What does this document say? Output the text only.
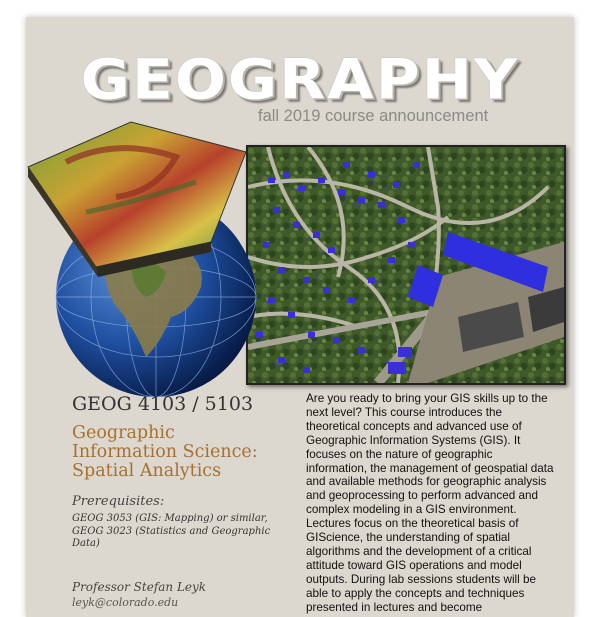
GEOGRAPHY
fall 2019 course announcement
GEOG 4103 / 5103
Geographic
Information Science:
Spatial Analytics
Prerequisites:
GEOG 3053 (GIS: Mapping) or similar, GEOG 3023 (Statistics and Geographic Data)
Professor Stefan Leyk
leyk@colorado.edu
Are you ready to bring your GIS skills up to the next level? This course introduces the theoretical concepts and advanced use of Geographic Information Systems (GIS). It focuses on the nature of geographic information, the management of geospatial data and available methods for geographic analysis and geoprocessing to perform advanced and complex modeling in a GIS environment. Lectures focus on the theoretical basis of GIScience, the understanding of spatial algorithms and the development of a critical attitude toward GIS operations and model outputs. During lab sessions students will be able to apply the concepts and techniques presented in lectures and become
